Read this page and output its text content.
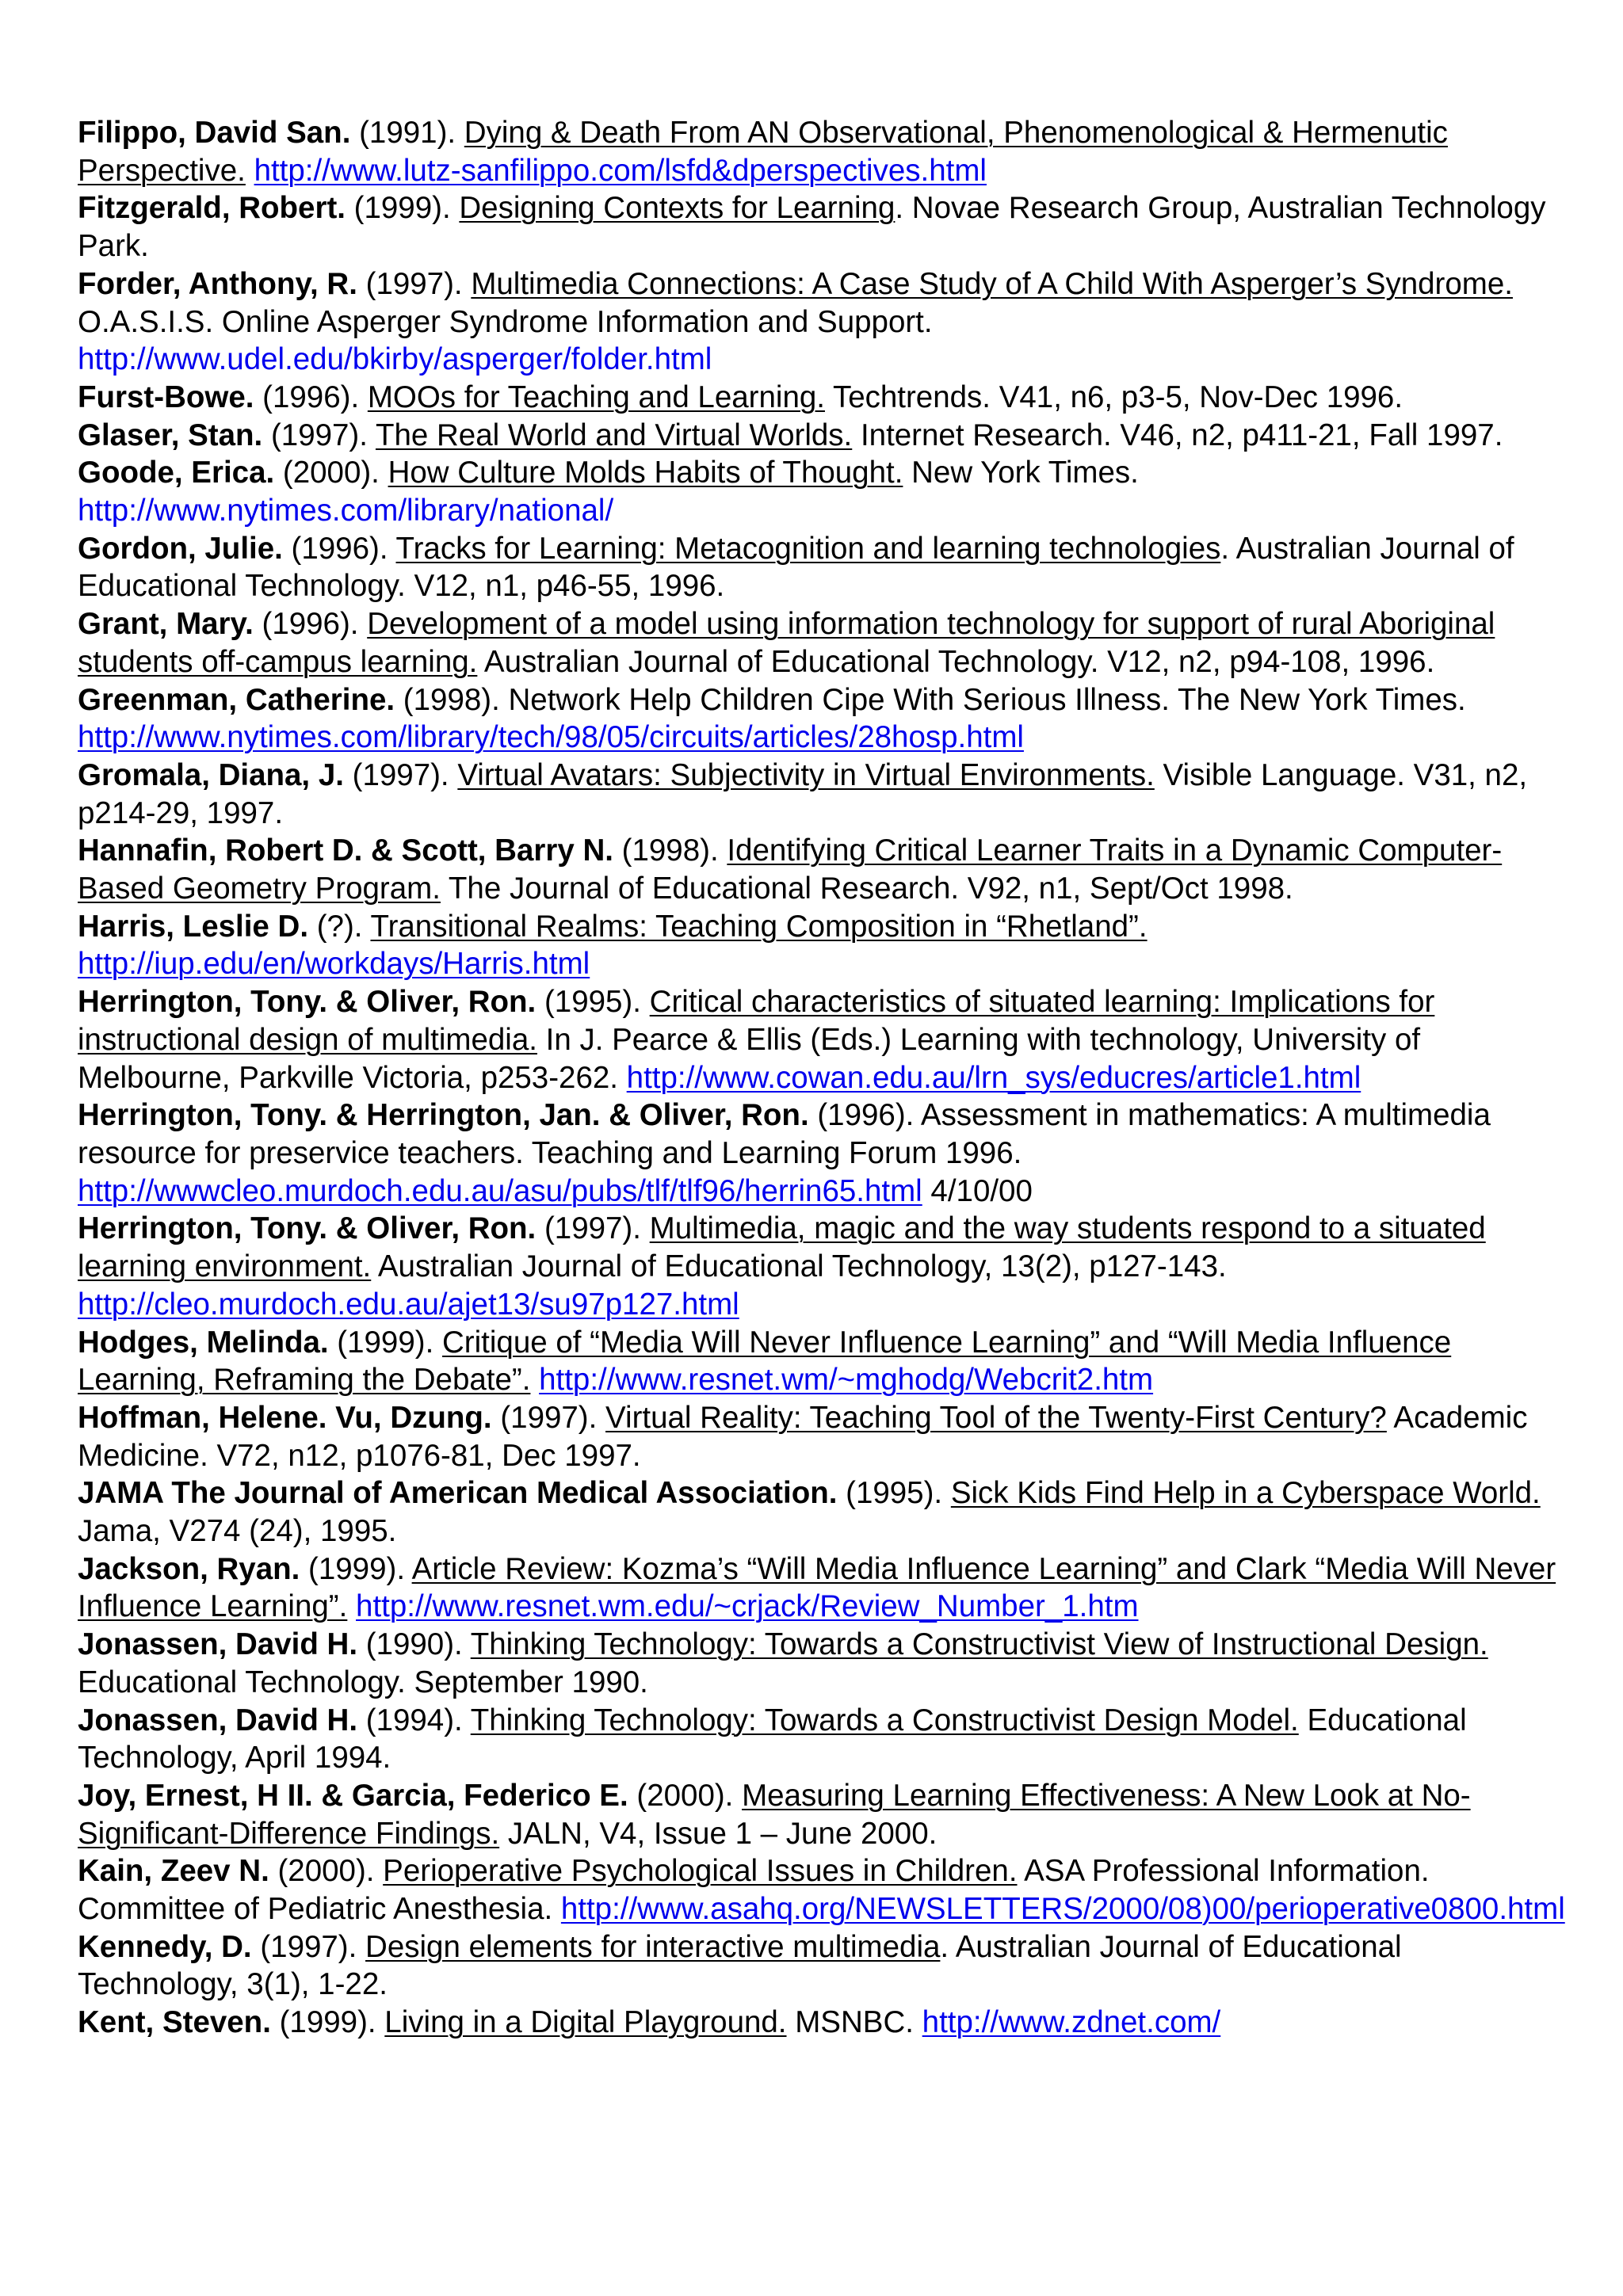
Filippo, David San. (1991). Dying & Death From AN Observational, Phenomenological & Hermenutic Perspective. http://www.lutz-sanfilippo.com/lsfd&dperspectives.html

Fitzgerald, Robert. (1999). Designing Contexts for Learning. Novae Research Group, Australian Technology Park.

Forder, Anthony, R. (1997). Multimedia Connections: A Case Study of A Child With Asperger’s Syndrome. O.A.S.I.S. Online Asperger Syndrome Information and Support. http://www.udel.edu/bkirby/asperger/folder.html

Furst-Bowe. (1996). MOOs for Teaching and Learning. Techtrends. V41, n6, p3-5, Nov-Dec 1996.

Glaser, Stan. (1997). The Real World and Virtual Worlds. Internet Research. V46, n2, p411-21, Fall 1997.

Goode, Erica. (2000). How Culture Molds Habits of Thought. New York Times. http://www.nytimes.com/library/national/

Gordon, Julie. (1996). Tracks for Learning: Metacognition and learning technologies. Australian Journal of Educational Technology. V12, n1, p46-55, 1996.

Grant, Mary. (1996). Development of a model using information technology for support of rural Aboriginal students off-campus learning. Australian Journal of Educational Technology. V12, n2, p94-108, 1996.

Greenman, Catherine. (1998). Network Help Children Cipe With Serious Illness. The New York Times. http://www.nytimes.com/library/tech/98/05/circuits/articles/28hosp.html

Gromala, Diana, J. (1997). Virtual Avatars: Subjectivity in Virtual Environments. Visible Language. V31, n2, p214-29, 1997.

Hannafin, Robert D. & Scott, Barry N. (1998). Identifying Critical Learner Traits in a Dynamic Computer-Based Geometry Program. The Journal of Educational Research. V92, n1, Sept/Oct 1998.

Harris, Leslie D. (?). Transitional Realms: Teaching Composition in “Rhetland”. http://iup.edu/en/workdays/Harris.html

Herrington, Tony. & Oliver, Ron. (1995). Critical characteristics of situated learning: Implications for instructional design of multimedia. In J. Pearce & Ellis (Eds.) Learning with technology, University of Melbourne, Parkville Victoria, p253-262. http://www.cowan.edu.au/lrn_sys/educres/article1.html

Herrington, Tony. & Herrington, Jan. & Oliver, Ron. (1996). Assessment in mathematics: A multimedia resource for preservice teachers. Teaching and Learning Forum 1996. http://wwwcleo.murdoch.edu.au/asu/pubs/tlf/tlf96/herrin65.html 4/10/00

Herrington, Tony. & Oliver, Ron. (1997). Multimedia, magic and the way students respond to a situated learning environment. Australian Journal of Educational Technology, 13(2), p127-143. http://cleo.murdoch.edu.au/ajet13/su97p127.html

Hodges, Melinda. (1999). Critique of “Media Will Never Influence Learning” and “Will Media Influence Learning, Reframing the Debate”. http://www.resnet.wm/~mghodg/Webcrit2.htm

Hoffman, Helene. Vu, Dzung. (1997). Virtual Reality: Teaching Tool of the Twenty-First Century? Academic Medicine. V72, n12, p1076-81, Dec 1997.

JAMA The Journal of American Medical Association. (1995). Sick Kids Find Help in a Cyberspace World. Jama, V274 (24), 1995.

Jackson, Ryan. (1999). Article Review: Kozma’s “Will Media Influence Learning” and Clark “Media Will Never Influence Learning”. http://www.resnet.wm.edu/~crjack/Review_Number_1.htm

Jonassen, David H. (1990). Thinking Technology: Towards a Constructivist View of Instructional Design. Educational Technology. September 1990.

Jonassen, David H. (1994). Thinking Technology: Towards a Constructivist Design Model. Educational Technology, April 1994.

Joy, Ernest, H II. & Garcia, Federico E. (2000). Measuring Learning Effectiveness: A New Look at No-Significant-Difference Findings. JALN, V4, Issue 1 – June 2000.

Kain, Zeev N. (2000). Perioperative Psychological Issues in Children. ASA Professional Information. Committee of Pediatric Anesthesia. http://www.asahq.org/NEWSLETTERS/2000/08)00/perioperative0800.html

Kennedy, D. (1997). Design elements for interactive multimedia. Australian Journal of Educational Technology, 3(1), 1-22.

Kent, Steven. (1999). Living in a Digital Playground. MSNBC. http://www.zdnet.com/
